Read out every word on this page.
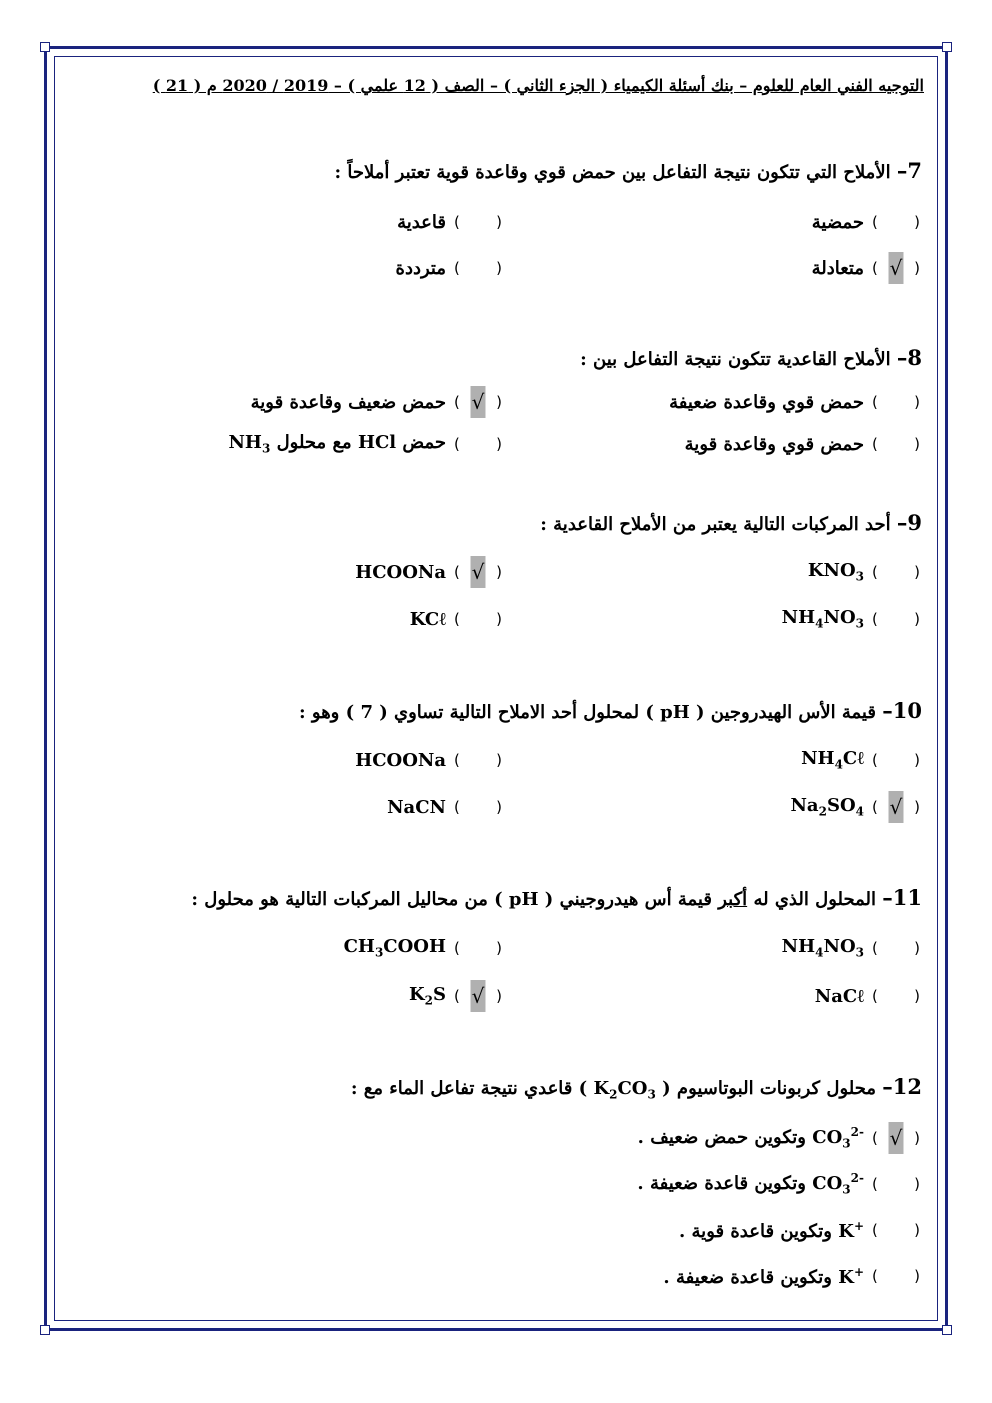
التوجيه الفني العام للعلوم – بنك أسئلة الكيمياء ( الجزء الثاني ) – الصف ( 12 علمي ) – 2019 / 2020 م ( 21 )
7– الأملاح التي تتكون نتيجة التفاعل بين حمض قوي وقاعدة قوية تعتبر أملاحاً :
(
)
حمضية
(
)
قاعدية
(
√
)
متعادلة
(
)
مترددة
8– الأملاح القاعدية تتكون نتيجة التفاعل بين :
(
)
حمض قوي وقاعدة ضعيفة
(
√
)
حمض ضعيف وقاعدة قوية
(
)
حمض قوي وقاعدة قوية
(
)
حمض HCl مع محلول $NH_3$
9– أحد المركبات التالية يعتبر من الأملاح القاعدية :
(
)
$KNO_3$
(
√
)
HCOONa
(
)
$NH_4NO_3$
(
)
KCℓ
10– قيمة الأس الهيدروجين ( pH ) لمحلول أحد الاملاح التالية تساوي ( 7 ) وهو :
(
)
$NH_4C\ell$
(
)
HCOONa
(
√
)
$Na_2SO_4$
(
)
NaCN
11– المحلول الذي له أكبر قيمة أس هيدروجيني ( pH ) من محاليل المركبات التالية هو محلول :
(
)
$NH_4NO_3$
(
)
$CH_3COOH$
(
)
NaCℓ
(
√
)
$K_2S$
12– محلول كربونات البوتاسيوم ( $K_2CO_3$ ) قاعدي نتيجة تفاعل الماء مع :
(
√
)
$CO_3^{2-}$ وتكوين حمض ضعيف .
(
)
$CO_3^{2-}$ وتكوين قاعدة ضعيفة .
(
)
K+ وتكوين قاعدة قوية .
(
)
K+ وتكوين قاعدة ضعيفة .
